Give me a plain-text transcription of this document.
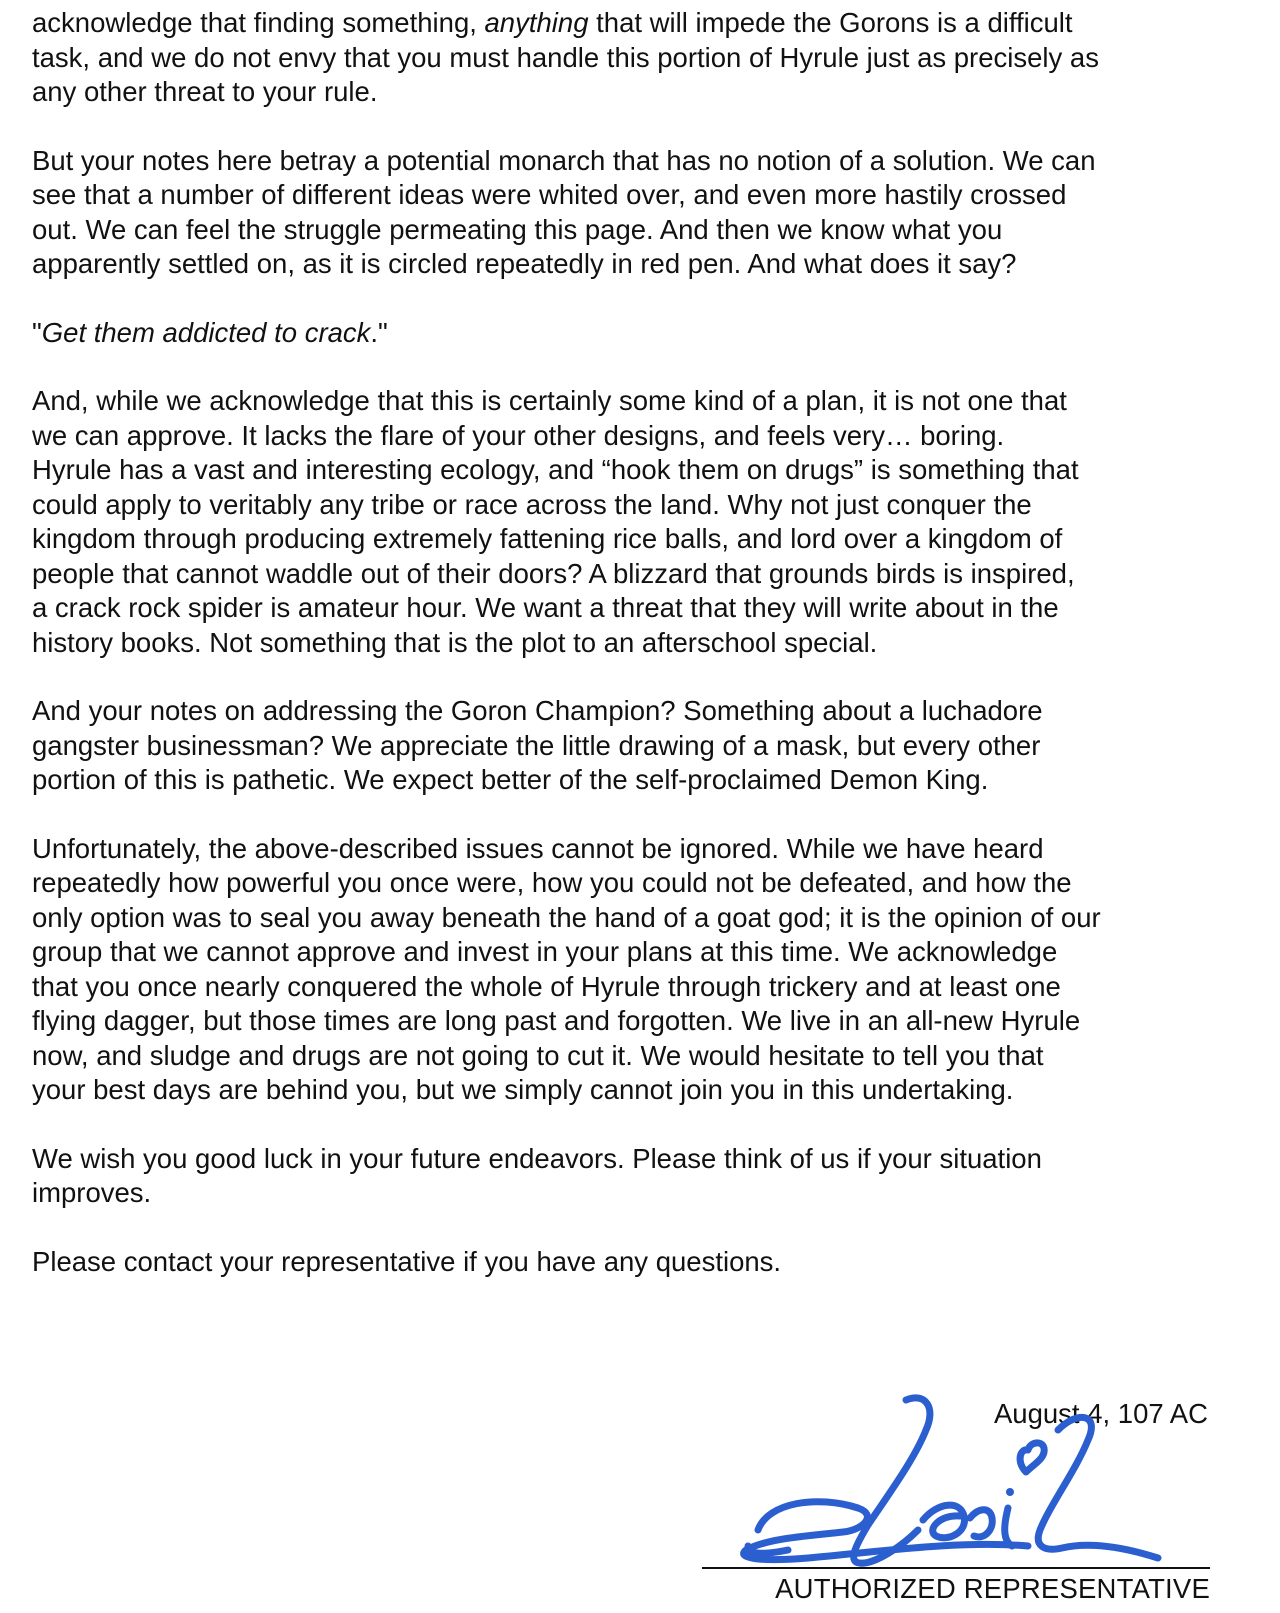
acknowledge that finding something, anything that will impede the Gorons is a difficult
task, and we do not envy that you must handle this portion of Hyrule just as precisely as
any other threat to your rule.

But your notes here betray a potential monarch that has no notion of a solution. We can
see that a number of different ideas were whited over, and even more hastily crossed
out. We can feel the struggle permeating this page. And then we know what you
apparently settled on, as it is circled repeatedly in red pen. And what does it say?

"Get them addicted to crack."

And, while we acknowledge that this is certainly some kind of a plan, it is not one that
we can approve. It lacks the flare of your other designs, and feels very… boring.
Hyrule has a vast and interesting ecology, and “hook them on drugs” is something that
could apply to veritably any tribe or race across the land. Why not just conquer the
kingdom through producing extremely fattening rice balls, and lord over a kingdom of
people that cannot waddle out of their doors? A blizzard that grounds birds is inspired,
a crack rock spider is amateur hour. We want a threat that they will write about in the
history books. Not something that is the plot to an afterschool special.

And your notes on addressing the Goron Champion? Something about a luchadore
gangster businessman? We appreciate the little drawing of a mask, but every other
portion of this is pathetic. We expect better of the self-proclaimed Demon King.

Unfortunately, the above-described issues cannot be ignored. While we have heard
repeatedly how powerful you once were, how you could not be defeated, and how the
only option was to seal you away beneath the hand of a goat god; it is the opinion of our
group that we cannot approve and invest in your plans at this time. We acknowledge
that you once nearly conquered the whole of Hyrule through trickery and at least one
flying dagger, but those times are long past and forgotten. We live in an all-new Hyrule
now, and sludge and drugs are not going to cut it. We would hesitate to tell you that
your best days are behind you, but we simply cannot join you in this undertaking.

We wish you good luck in your future endeavors. Please think of us if your situation
improves.

Please contact your representative if you have any questions.

August 4, 107 AC
AUTHORIZED REPRESENTATIVE
